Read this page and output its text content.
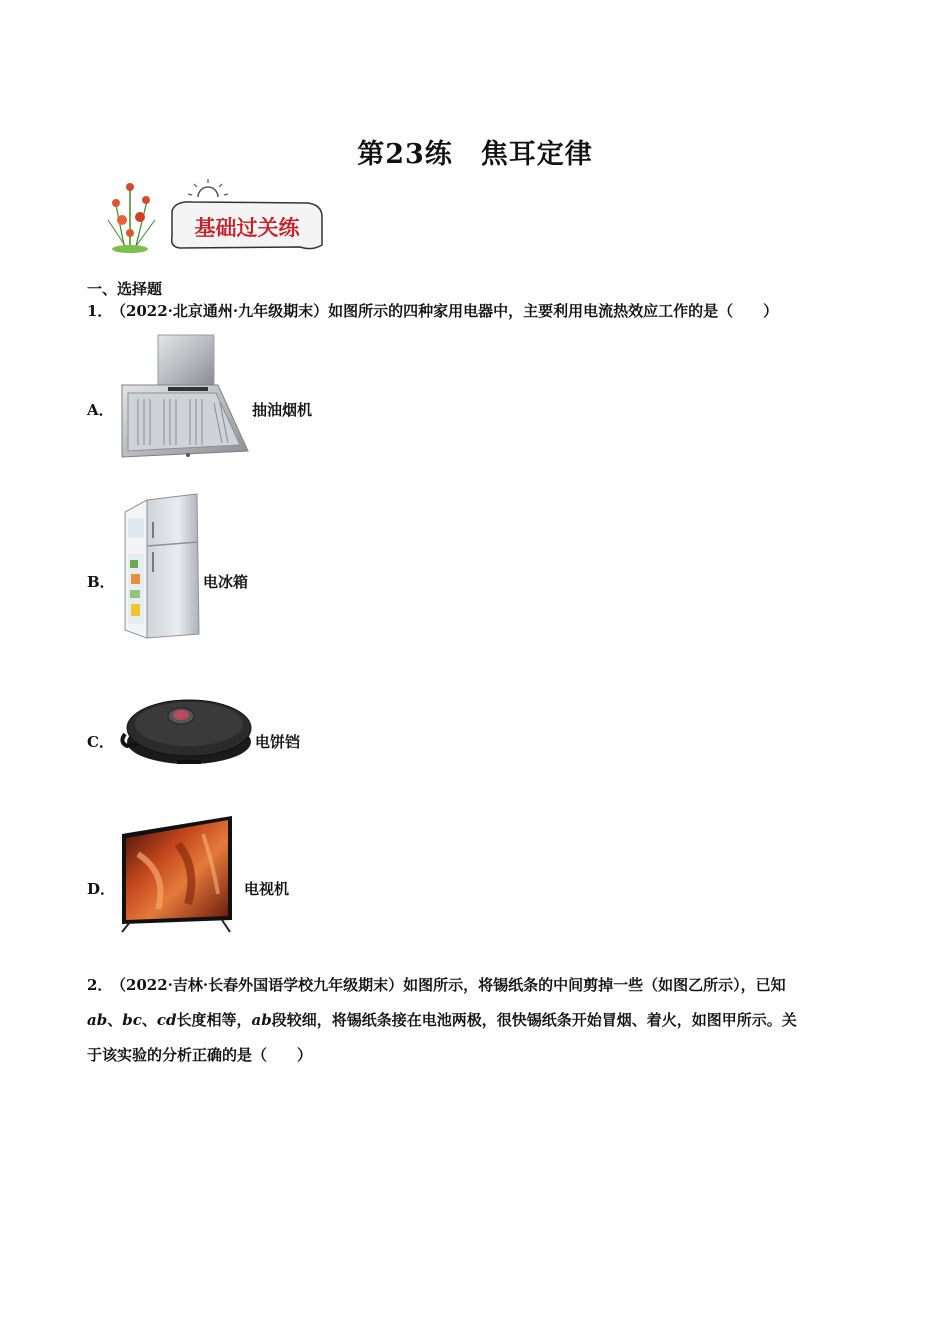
第23练　焦耳定律
基础过关练
一、选择题
1． （2022·北京通州·九年级期末）如图所示的四种家用电器中，主要利用电流热效应工作的是（　　）
A．	抽油烟机
B．	电冰箱
C．	电饼铛
D．	电视机
2． （2022·吉林·长春外国语学校九年级期末）如图所示，将锡纸条的中间剪掉一些（如图乙所示），已知
ab、bc、cd长度相等，ab段较细，将锡纸条接在电池两极，很快锡纸条开始冒烟、着火，如图甲所示。关
于该实验的分析正确的是（　　）
